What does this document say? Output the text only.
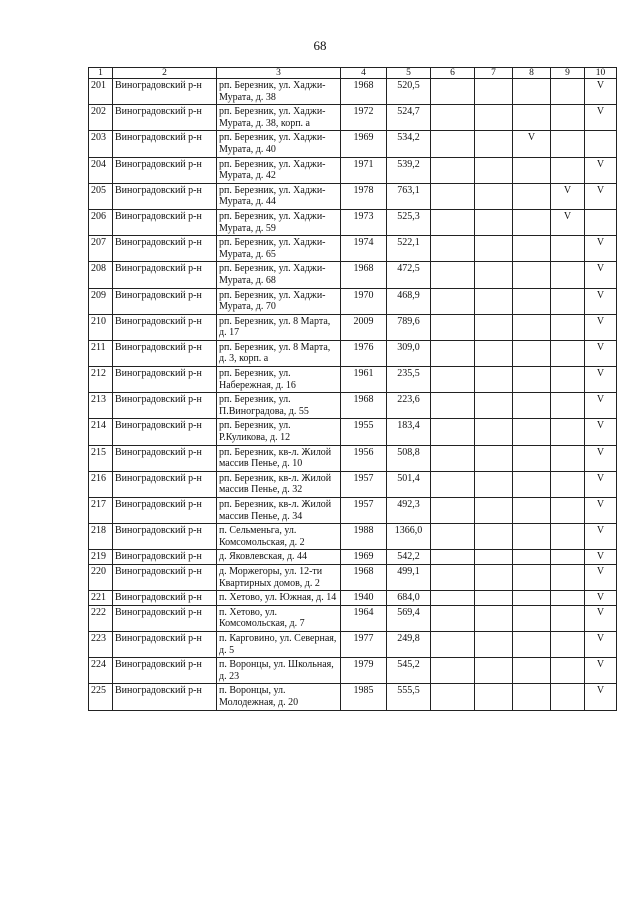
68
1	2	3	4	5	6	7	8	9	10
201	Виноградовский р-н	рп. Березник, ул. Хаджи-Мурата, д. 38	1968	520,5					V
202	Виноградовский р-н	рп. Березник, ул. Хаджи-Мурата, д. 38, корп. а	1972	524,7					V
203	Виноградовский р-н	рп. Березник, ул. Хаджи-Мурата, д. 40	1969	534,2			V		
204	Виноградовский р-н	рп. Березник, ул. Хаджи-Мурата, д. 42	1971	539,2					V
205	Виноградовский р-н	рп. Березник, ул. Хаджи-Мурата, д. 44	1978	763,1				V	V
206	Виноградовский р-н	рп. Березник, ул. Хаджи-Мурата, д. 59	1973	525,3				V	
207	Виноградовский р-н	рп. Березник, ул. Хаджи-Мурата, д. 65	1974	522,1					V
208	Виноградовский р-н	рп. Березник, ул. Хаджи-Мурата, д. 68	1968	472,5					V
209	Виноградовский р-н	рп. Березник, ул. Хаджи-Мурата, д. 70	1970	468,9					V
210	Виноградовский р-н	рп. Березник, ул. 8 Марта, д. 17	2009	789,6					V
211	Виноградовский р-н	рп. Березник, ул. 8 Марта, д. 3, корп. а	1976	309,0					V
212	Виноградовский р-н	рп. Березник, ул. Набережная, д. 16	1961	235,5					V
213	Виноградовский р-н	рп. Березник, ул. П.Виноградова, д. 55	1968	223,6					V
214	Виноградовский р-н	рп. Березник, ул. Р.Куликова, д. 12	1955	183,4					V
215	Виноградовский р-н	рп. Березник, кв-л. Жилой массив Пенье, д. 10	1956	508,8					V
216	Виноградовский р-н	рп. Березник, кв-л. Жилой массив Пенье, д. 32	1957	501,4					V
217	Виноградовский р-н	рп. Березник, кв-л. Жилой массив Пенье, д. 34	1957	492,3					V
218	Виноградовский р-н	п. Сельменьга, ул. Комсомольская, д. 2	1988	1366,0					V
219	Виноградовский р-н	д. Яковлевская, д. 44	1969	542,2					V
220	Виноградовский р-н	д. Моржегоры, ул. 12-ти Квартирных домов, д. 2	1968	499,1					V
221	Виноградовский р-н	п. Хетово, ул. Южная, д. 14	1940	684,0					V
222	Виноградовский р-н	п. Хетово, ул. Комсомольская, д. 7	1964	569,4					V
223	Виноградовский р-н	п. Карговино, ул. Северная, д. 5	1977	249,8					V
224	Виноградовский р-н	п. Воронцы, ул. Школьная, д. 23	1979	545,2					V
225	Виноградовский р-н	п. Воронцы, ул. Молодежная, д. 20	1985	555,5					V
